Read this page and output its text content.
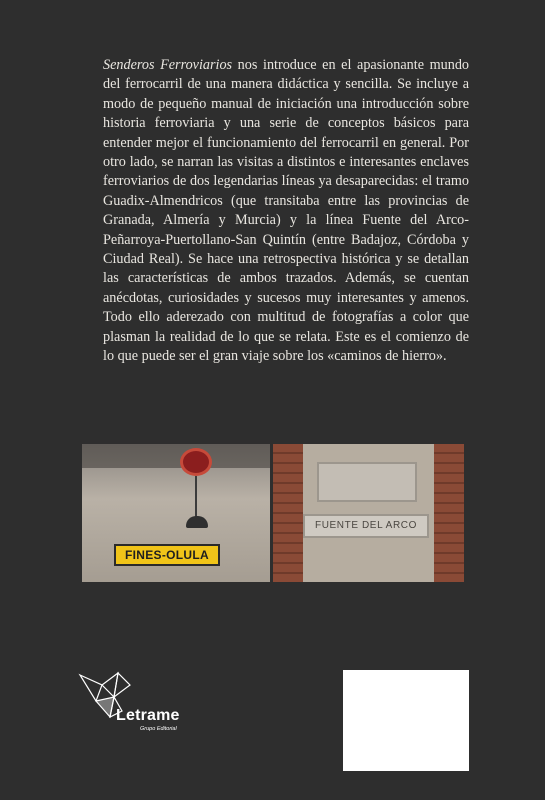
Senderos Ferroviarios nos introduce en el apasionante mundo del ferrocarril de una manera didáctica y sencilla. Se incluye a modo de pequeño manual de iniciación una introducción sobre historia ferroviaria y una serie de conceptos básicos para entender mejor el funcionamiento del ferrocarril en general. Por otro lado, se narran las visitas a distintos e interesantes enclaves ferroviarios de dos legendarias líneas ya desaparecidas: el tramo Guadix-Almendricos (que transitaba entre las provincias de Granada, Almería y Murcia) y la línea Fuente del Arco-Peñarroya-Puertollano-San Quintín (entre Badajoz, Córdoba y Ciudad Real). Se hace una retrospectiva histórica y se detallan las características de ambos trazados. Además, se cuentan anécdotas, curiosidades y sucesos muy interesantes y amenos. Todo ello aderezado con multitud de fotografías a color que plasman la realidad de lo que se relata. Este es el comienzo de lo que puede ser el gran viaje sobre los «caminos de hierro».

FINES-OLULA
FUENTE DEL ARCO
Letrame
Grupo Editorial
